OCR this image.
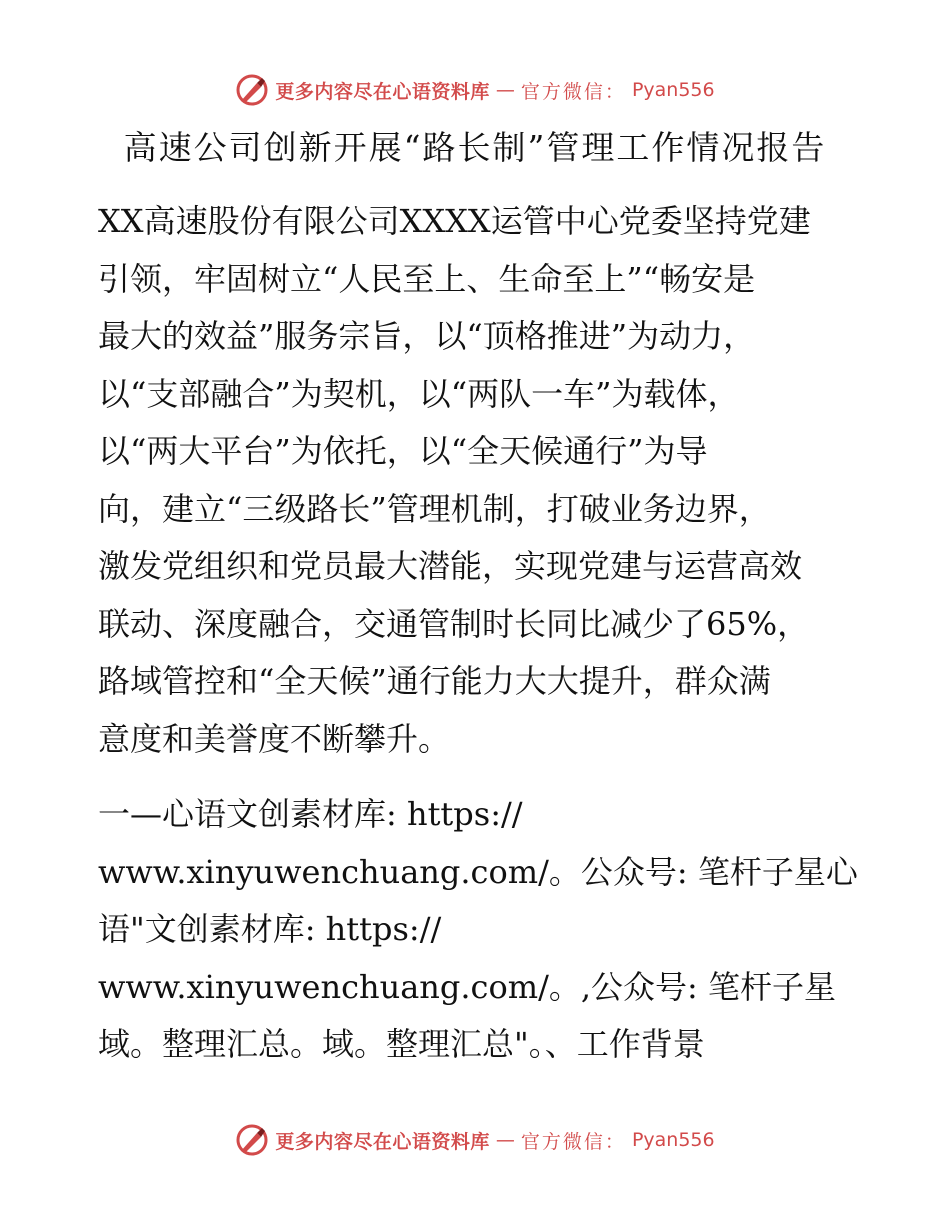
更多内容尽在心语资料库 — 官方微信： Pyan556
高速公司创新开展“路长制”管理工作情况报告
XX高速股份有限公司XXXX运管中心党委坚持党建
引领，牢固树立“人民至上、生命至上”“畅安是
最大的效益”服务宗旨，以“顶格推进”为动力，
以“支部融合”为契机，以“两队一车”为载体，
以“两大平台”为依托，以“全天候通行”为导
向，建立“三级路长”管理机制，打破业务边界，
激发党组织和党员最大潜能，实现党建与运营高效
联动、深度融合，交通管制时长同比减少了65%，
路域管控和“全天候”通行能力大大提升，群众满
意度和美誉度不断攀升。
一—心语文创素材库: https://
www.xinyuwenchuang.com/。公众号: 笔杆子星心
语"文创素材库: https://
www.xinyuwenchuang.com/。,公众号: 笔杆子星
域。整理汇总。域。整理汇总"。、工作背景
更多内容尽在心语资料库 — 官方微信： Pyan556
